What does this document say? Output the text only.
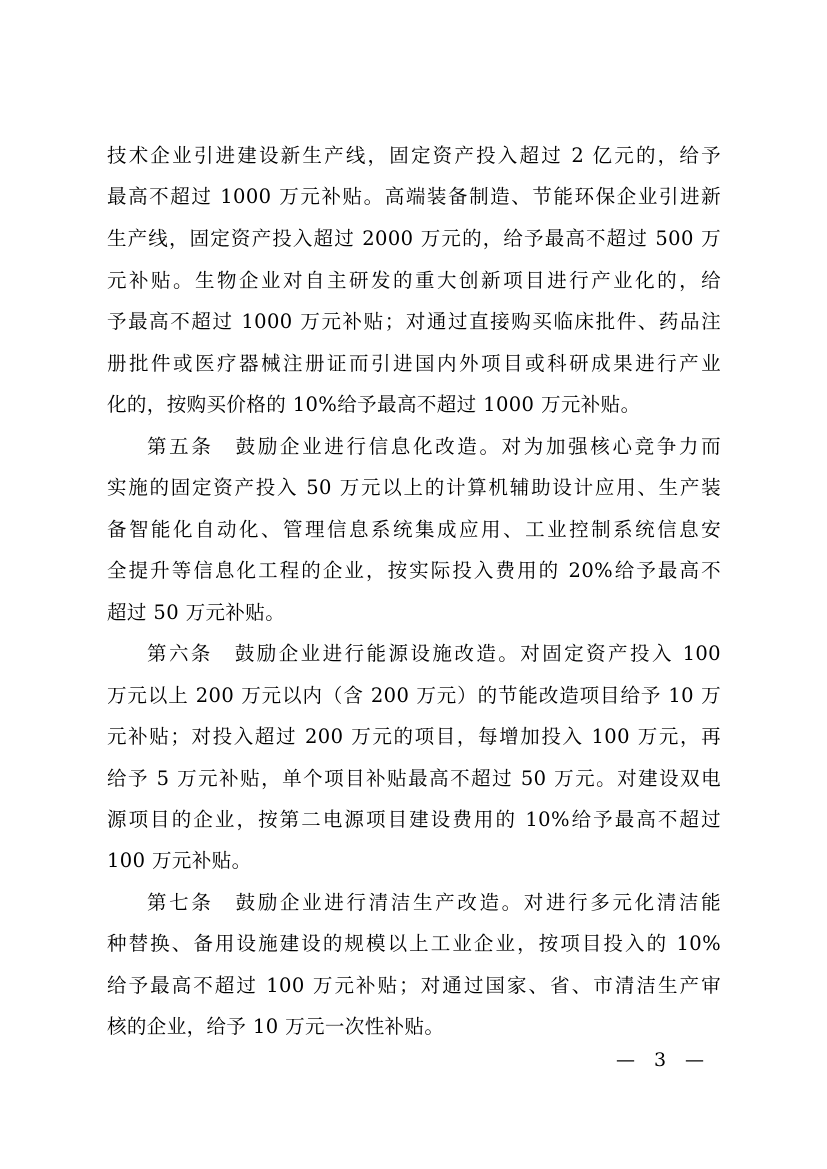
技术企业引进建设新生产线，固定资产投入超过 2 亿元的，给予
最高不超过 1000 万元补贴。高端装备制造、节能环保企业引进新
生产线，固定资产投入超过 2000 万元的，给予最高不超过 500 万
元补贴。生物企业对自主研发的重大创新项目进行产业化的，给
予最高不超过 1000 万元补贴；对通过直接购买临床批件、药品注
册批件或医疗器械注册证而引进国内外项目或科研成果进行产业
化的，按购买价格的 10%给予最高不超过 1000 万元补贴。
第五条　鼓励企业进行信息化改造。对为加强核心竞争力而
实施的固定资产投入 50 万元以上的计算机辅助设计应用、生产装
备智能化自动化、管理信息系统集成应用、工业控制系统信息安
全提升等信息化工程的企业，按实际投入费用的 20%给予最高不
超过 50 万元补贴。
第六条　鼓励企业进行能源设施改造。对固定资产投入 100
万元以上 200 万元以内（含 200 万元）的节能改造项目给予 10 万
元补贴；对投入超过 200 万元的项目，每增加投入 100 万元，再
给予 5 万元补贴，单个项目补贴最高不超过 50 万元。对建设双电
源项目的企业，按第二电源项目建设费用的 10%给予最高不超过
100 万元补贴。
第七条　鼓励企业进行清洁生产改造。对进行多元化清洁能
种替换、备用设施建设的规模以上工业企业，按项目投入的 10%
给予最高不超过 100 万元补贴；对通过国家、省、市清洁生产审
核的企业，给予 10 万元一次性补贴。
—　3　—
